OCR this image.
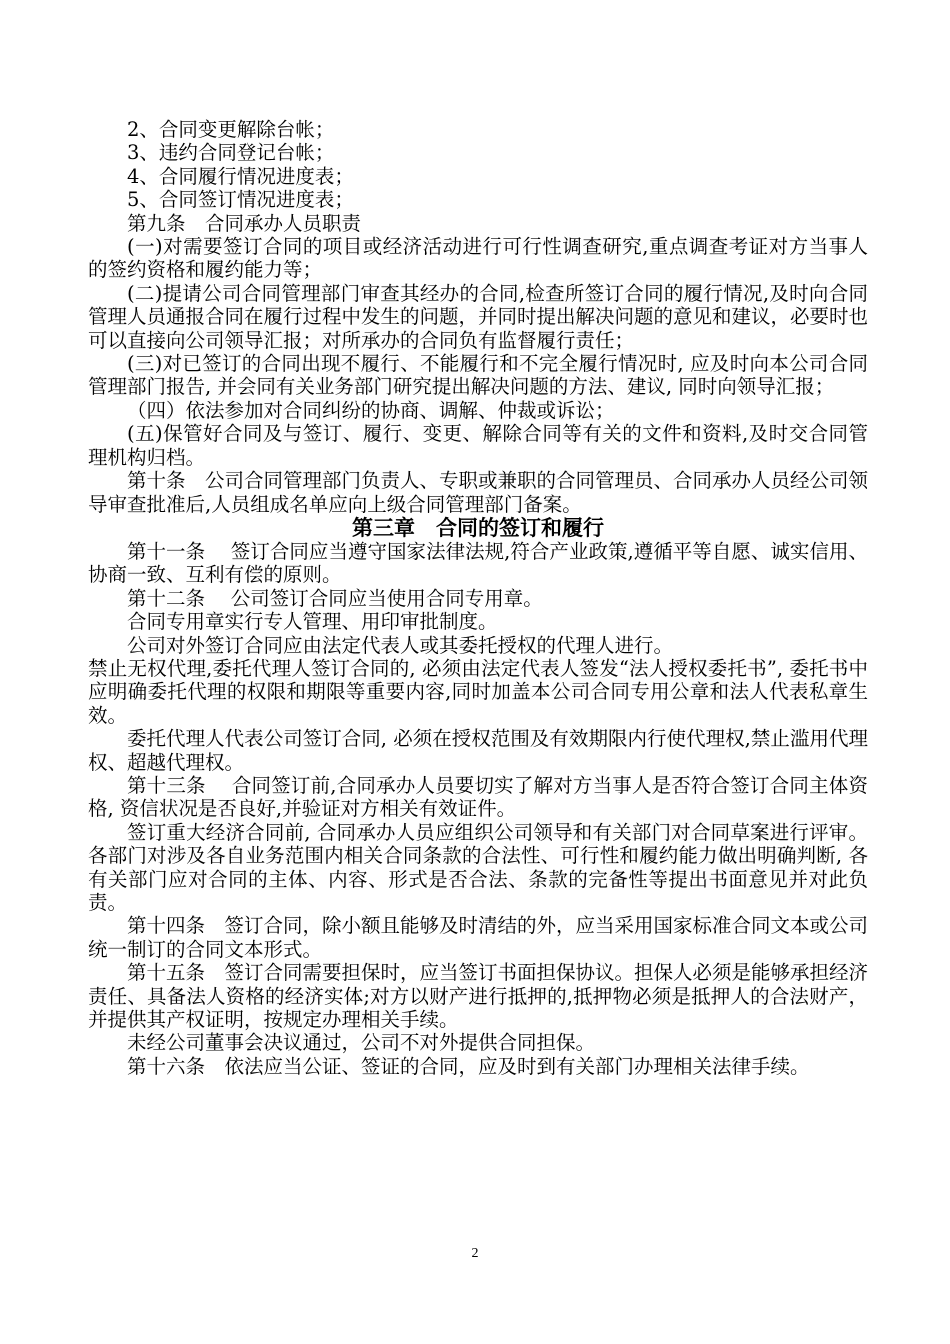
2、合同变更解除台帐；

3、违约合同登记台帐；

4、合同履行情况进度表；

5、合同签订情况进度表；

第九条　合同承办人员职责

(一)对需要签订合同的项目或经济活动进行可行性调查研究,重点调查考证对方当事人的签约资格和履约能力等；

(二)提请公司合同管理部门审查其经办的合同,检查所签订合同的履行情况,及时向合同管理人员通报合同在履行过程中发生的问题，并同时提出解决问题的意见和建议，必要时也可以直接向公司领导汇报；对所承办的合同负有监督履行责任；

(三)对已签订的合同出现不履行、不能履行和不完全履行情况时, 应及时向本公司合同管理部门报告, 并会同有关业务部门研究提出解决问题的方法、建议, 同时向领导汇报；

（四）依法参加对合同纠纷的协商、调解、仲裁或诉讼；

(五)保管好合同及与签订、履行、变更、解除合同等有关的文件和资料,及时交合同管理机构归档。

第十条　公司合同管理部门负责人、专职或兼职的合同管理员、合同承办人员经公司领导审查批准后,人员组成名单应向上级合同管理部门备案。

第三章　合同的签订和履行

第十一条　 签订合同应当遵守国家法律法规,符合产业政策,遵循平等自愿、诚实信用、协商一致、互利有偿的原则。

第十二条　 公司签订合同应当使用合同专用章。

合同专用章实行专人管理、用印审批制度。

公司对外签订合同应由法定代表人或其委托授权的代理人进行。

禁止无权代理,委托代理人签订合同的, 必须由法定代表人签发“法人授权委托书”, 委托书中应明确委托代理的权限和期限等重要内容,同时加盖本公司合同专用公章和法人代表私章生效。

委托代理人代表公司签订合同, 必须在授权范围及有效期限内行使代理权,禁止滥用代理权、超越代理权。

第十三条　 合同签订前,合同承办人员要切实了解对方当事人是否符合签订合同主体资格, 资信状况是否良好,并验证对方相关有效证件。

签订重大经济合同前, 合同承办人员应组织公司领导和有关部门对合同草案进行评审。各部门对涉及各自业务范围内相关合同条款的合法性、可行性和履约能力做出明确判断, 各有关部门应对合同的主体、内容、形式是否合法、条款的完备性等提出书面意见并对此负责。

第十四条　签订合同，除小额且能够及时清结的外，应当采用国家标准合同文本或公司统一制订的合同文本形式。

第十五条　签订合同需要担保时，应当签订书面担保协议。担保人必须是能够承担经济责任、具备法人资格的经济实体;对方以财产进行抵押的,抵押物必须是抵押人的合法财产，并提供其产权证明，按规定办理相关手续。

未经公司董事会决议通过，公司不对外提供合同担保。

第十六条　依法应当公证、签证的合同，应及时到有关部门办理相关法律手续。

2
